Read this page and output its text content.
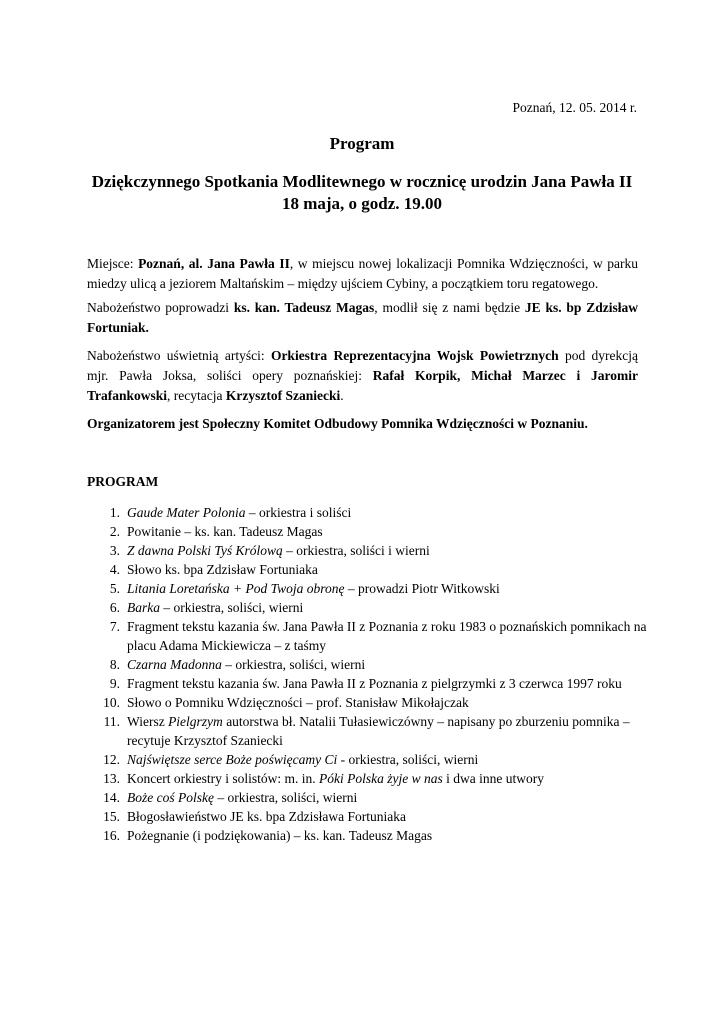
Poznań, 12. 05. 2014 r.
Program
Dziękczynnego Spotkania Modlitewnego w rocznicę urodzin Jana Pawła II
18 maja, o godz. 19.00

Miejsce: Poznań, al. Jana Pawła II, w miejscu nowej lokalizacji Pomnika Wdzięczności, w parku miedzy ulicą a jeziorem Maltańskim – między ujściem Cybiny, a początkiem toru regatowego.

Nabożeństwo poprowadzi ks. kan. Tadeusz Magas, modlił się z nami będzie JE ks. bp Zdzisław Fortuniak.

Nabożeństwo uświetnią artyści: Orkiestra Reprezentacyjna Wojsk Powietrznych pod dyrekcją mjr. Pawła Joksa, soliści opery poznańskiej: Rafał Korpik, Michał Marzec i Jaromir Trafankowski, recytacja Krzysztof Szaniecki.

Organizatorem jest Społeczny Komitet Odbudowy Pomnika Wdzięczności w Poznaniu.

PROGRAM
1. Gaude Mater Polonia – orkiestra i soliści
2. Powitanie – ks. kan. Tadeusz Magas
3. Z dawna Polski Tyś Królową – orkiestra, soliści i wierni
4. Słowo ks. bpa Zdzisław Fortuniaka
5. Litania Loretańska + Pod Twoja obronę – prowadzi Piotr Witkowski
6. Barka – orkiestra, soliści, wierni
7. Fragment tekstu kazania św. Jana Pawła II z Poznania z roku 1983 o poznańskich pomnikach na placu Adama Mickiewicza – z taśmy
8. Czarna Madonna – orkiestra, soliści, wierni
9. Fragment tekstu kazania św. Jana Pawła II z Poznania z pielgrzymki z 3 czerwca 1997 roku
10. Słowo o Pomniku Wdzięczności – prof. Stanisław Mikołajczak
11. Wiersz Pielgrzym autorstwa bł. Natalii Tułasiewiczówny – napisany po zburzeniu pomnika – recytuje Krzysztof Szaniecki
12. Najświętsze serce Boże poświęcamy Ci - orkiestra, soliści, wierni
13. Koncert orkiestry i solistów: m. in. Póki Polska żyje w nas i dwa inne utwory
14. Boże coś Polskę – orkiestra, soliści, wierni
15. Błogosławieństwo JE ks. bpa Zdzisława Fortuniaka
16. Pożegnanie (i podziękowania) – ks. kan. Tadeusz Magas
